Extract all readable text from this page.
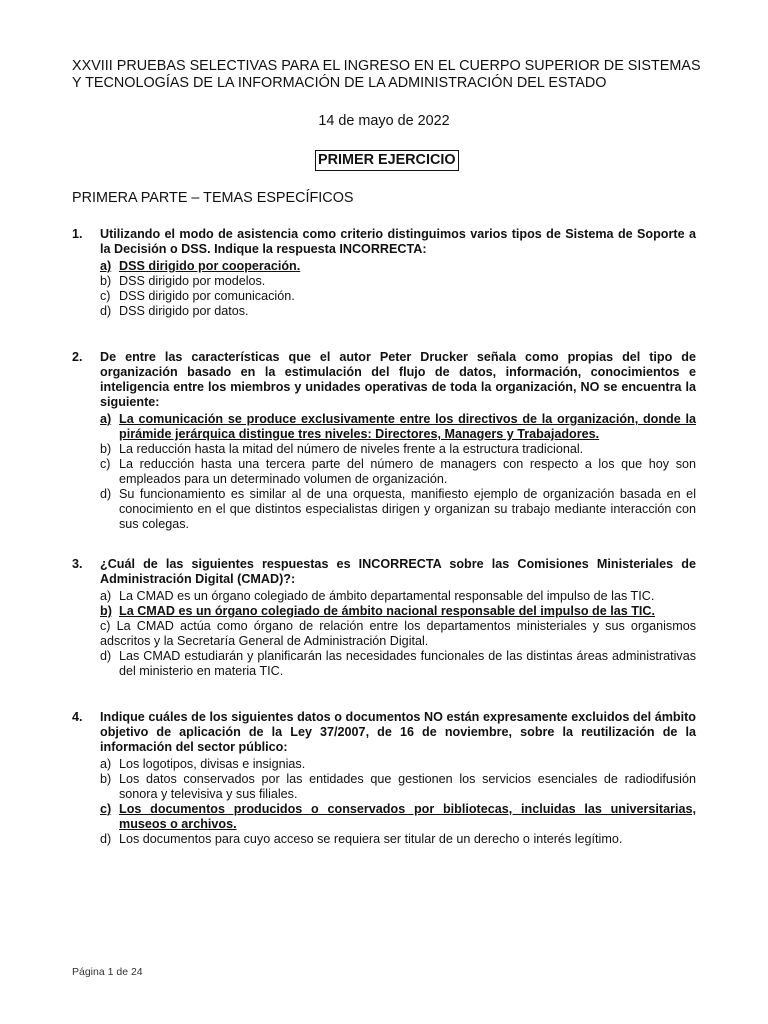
XXVIII PRUEBAS SELECTIVAS PARA EL INGRESO EN EL CUERPO SUPERIOR DE SISTEMAS
Y TECNOLOGÍAS DE LA INFORMACIÓN DE LA ADMINISTRACIÓN DEL ESTADO
14 de mayo de 2022
PRIMER EJERCICIO
PRIMERA PARTE – TEMAS ESPECÍFICOS
1. Utilizando el modo de asistencia como criterio distinguimos varios tipos de Sistema de Soporte a la Decisión o DSS. Indique la respuesta INCORRECTA:
a) DSS dirigido por cooperación.
b) DSS dirigido por modelos.
c) DSS dirigido por comunicación.
d) DSS dirigido por datos.
2. De entre las características que el autor Peter Drucker señala como propias del tipo de organización basado en la estimulación del flujo de datos, información, conocimientos e inteligencia entre los miembros y unidades operativas de toda la organización, NO se encuentra la siguiente:
a) La comunicación se produce exclusivamente entre los directivos de la organización, donde la pirámide jerárquica distingue tres niveles: Directores, Managers y Trabajadores.
b) La reducción hasta la mitad del número de niveles frente a la estructura tradicional.
c) La reducción hasta una tercera parte del número de managers con respecto a los que hoy son empleados para un determinado volumen de organización.
d) Su funcionamiento es similar al de una orquesta, manifiesto ejemplo de organización basada en el conocimiento en el que distintos especialistas dirigen y organizan su trabajo mediante interacción con sus colegas.
3. ¿Cuál de las siguientes respuestas es INCORRECTA sobre las Comisiones Ministeriales de Administración Digital (CMAD)?:
a) La CMAD es un órgano colegiado de ámbito departamental responsable del impulso de las TIC.
b) La CMAD es un órgano colegiado de ámbito nacional responsable del impulso de las TIC.
c) La CMAD actúa como órgano de relación entre los departamentos ministeriales y sus organismos adscritos y la Secretaría General de Administración Digital.
d) Las CMAD estudiarán y planificarán las necesidades funcionales de las distintas áreas administrativas del ministerio en materia TIC.
4. Indique cuáles de los siguientes datos o documentos NO están expresamente excluidos del ámbito objetivo de aplicación de la Ley 37/2007, de 16 de noviembre, sobre la reutilización de la información del sector público:
a) Los logotipos, divisas e insignias.
b) Los datos conservados por las entidades que gestionen los servicios esenciales de radiodifusión sonora y televisiva y sus filiales.
c) Los documentos producidos o conservados por bibliotecas, incluidas las universitarias, museos o archivos.
d) Los documentos para cuyo acceso se requiera ser titular de un derecho o interés legítimo.
Página 1 de 24
